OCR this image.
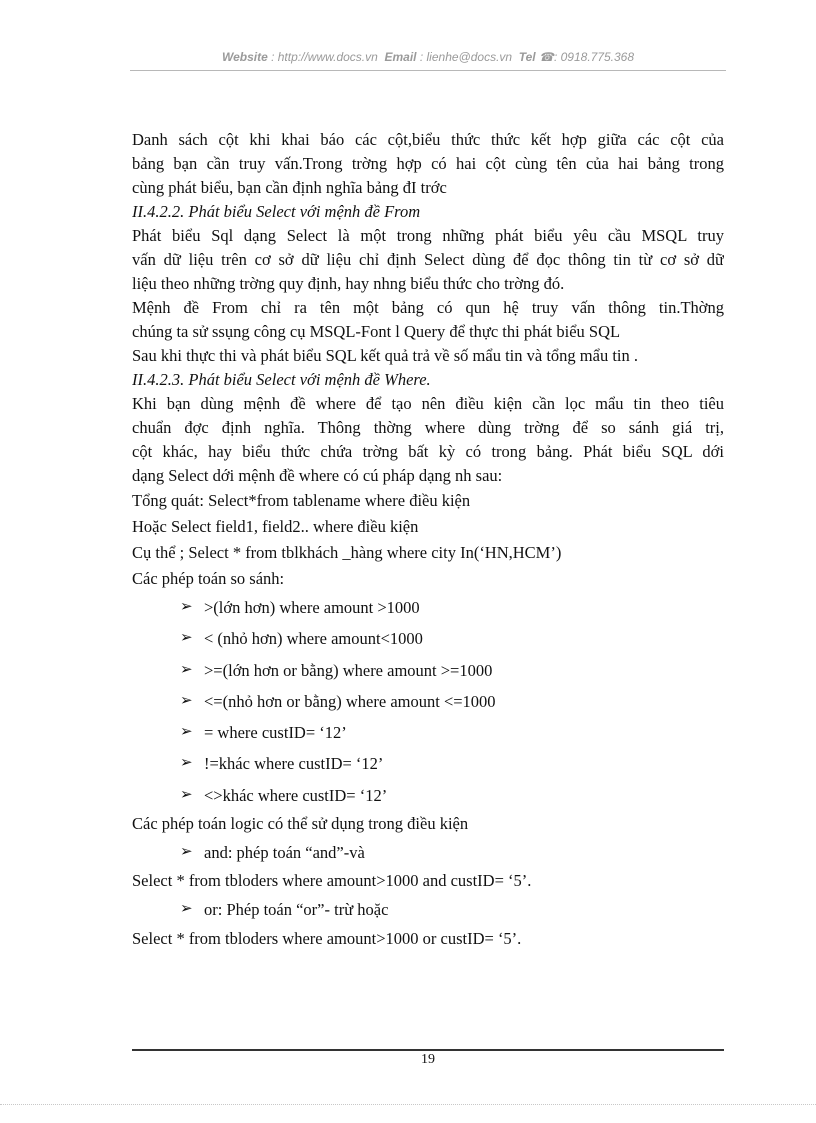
Website : http://www.docs.vn Email : lienhe@docs.vn Tel ☎: 0918.775.368
Danh sách cột khi khai báo các cột,biểu thức thức kết hợp giữa các cột của
bảng bạn cần truy vấn.Trong trờng hợp có hai cột cùng tên của hai bảng trong
cùng phát biểu, bạn cần định nghĩa bảng đI trớc
II.4.2.2. Phát biểu Select với mệnh đề From
Phát biểu Sql dạng Select là một trong những phát biểu yêu cầu MSQL truy
vấn dữ liệu trên cơ sở dữ liệu chỉ định Select dùng để đọc thông tin từ cơ sở dữ
liệu theo những trờng quy định, hay nhng biểu thức cho trờng đó.
Mệnh đề From chỉ ra tên một bảng có qun hệ truy vấn thông tin.Thờng
chúng ta sử ssụng công cụ MSQL-Font l Query để thực thi phát biểu SQL
Sau khi thực thi và phát biểu SQL kết quả trả về số mẩu tin và tổng mẩu tin .
II.4.2.3. Phát biểu Select với mệnh đề Where.
Khi bạn dùng mệnh đề where để tạo nên điều kiện cần lọc mẩu tin theo tiêu
chuẩn đợc định nghĩa. Thông thờng where dùng trờng để so sánh giá trị,
cột khác, hay biểu thức chứa trờng bất kỳ có trong bảng. Phát biểu SQL dới
dạng Select dới mệnh đề where có cú pháp dạng nh sau:
Tổng quát: Select*from tablename where điều kiện
Hoặc Select field1, field2.. where điều kiện
Cụ thể ; Select * from tblkhách _hàng where city In(‘HN,HCM’)
Các phép toán so sánh:
➢ >(lớn hơn) where amount >1000
➢ < (nhỏ hơn) where amount<1000
➢ >=(lớn hơn or bằng) where amount >=1000
➢ <=(nhỏ hơn or bằng) where amount <=1000
➢ = where custID= ‘12’
➢ !=khác where custID= ‘12’
➢ <>khác where custID= ‘12’
Các phép toán logic có thể sử dụng trong điều kiện
➢ and: phép toán “and”-và
Select * from tbloders where amount>1000 and custID= ‘5’.
➢ or: Phép toán “or”- trừ hoặc
Select * from tbloders where amount>1000 or custID= ‘5’.
19
